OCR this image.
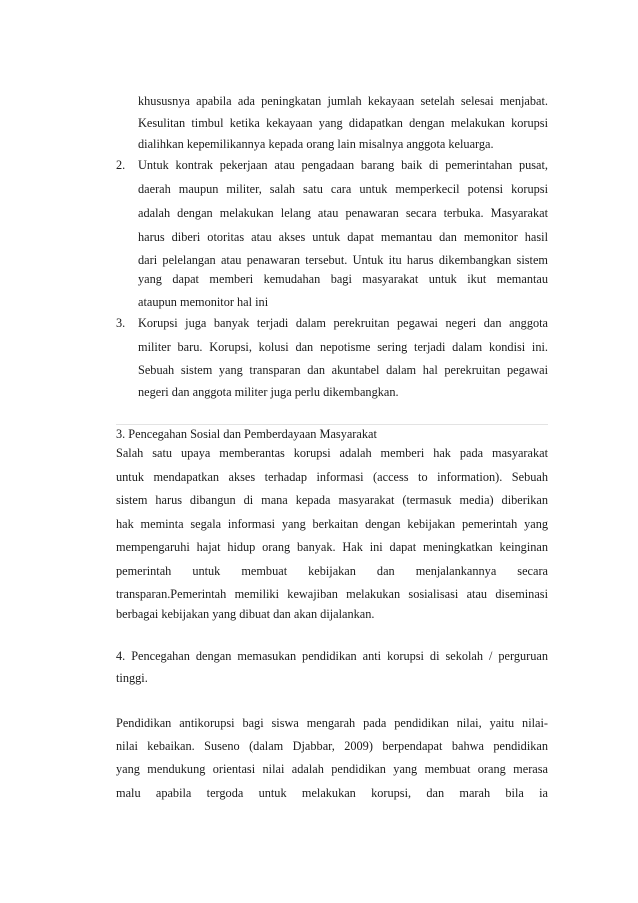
khususnya apabila ada peningkatan jumlah kekayaan setelah selesai menjabat.
Kesulitan timbul ketika kekayaan yang didapatkan dengan melakukan korupsi
dialihkan kepemilikannya kepada orang lain misalnya anggota keluarga.
2. Untuk kontrak pekerjaan atau pengadaan barang baik di pemerintahan pusat,
daerah maupun militer, salah satu cara untuk memperkecil potensi korupsi
adalah dengan melakukan lelang atau penawaran secara terbuka. Masyarakat
harus diberi otoritas atau akses untuk dapat memantau dan memonitor hasil
dari pelelangan atau penawaran tersebut. Untuk itu harus dikembangkan sistem
yang dapat memberi kemudahan bagi masyarakat untuk ikut memantau
ataupun memonitor hal ini
3. Korupsi juga banyak terjadi dalam perekruitan pegawai negeri dan anggota
militer baru. Korupsi, kolusi dan nepotisme sering terjadi dalam kondisi ini.
Sebuah sistem yang transparan dan akuntabel dalam hal perekruitan pegawai
negeri dan anggota militer juga perlu dikembangkan.
3. Pencegahan Sosial dan Pemberdayaan Masyarakat
Salah satu upaya memberantas korupsi adalah memberi hak pada masyarakat
untuk mendapatkan akses terhadap informasi (access to information). Sebuah
sistem harus dibangun di mana kepada masyarakat (termasuk media) diberikan
hak meminta segala informasi yang berkaitan dengan kebijakan pemerintah yang
mempengaruhi hajat hidup orang banyak. Hak ini dapat meningkatkan keinginan
pemerintah untuk membuat kebijakan dan menjalankannya secara
transparan.Pemerintah memiliki kewajiban melakukan sosialisasi atau diseminasi
berbagai kebijakan yang dibuat dan akan dijalankan.
4. Pencegahan dengan memasukan pendidikan anti korupsi di sekolah / perguruan
tinggi.
Pendidikan antikorupsi bagi siswa mengarah pada pendidikan nilai, yaitu nilai-
nilai kebaikan. Suseno (dalam Djabbar, 2009) berpendapat bahwa pendidikan
yang mendukung orientasi nilai adalah pendidikan yang membuat orang merasa
malu apabila tergoda untuk melakukan korupsi, dan marah bila ia
